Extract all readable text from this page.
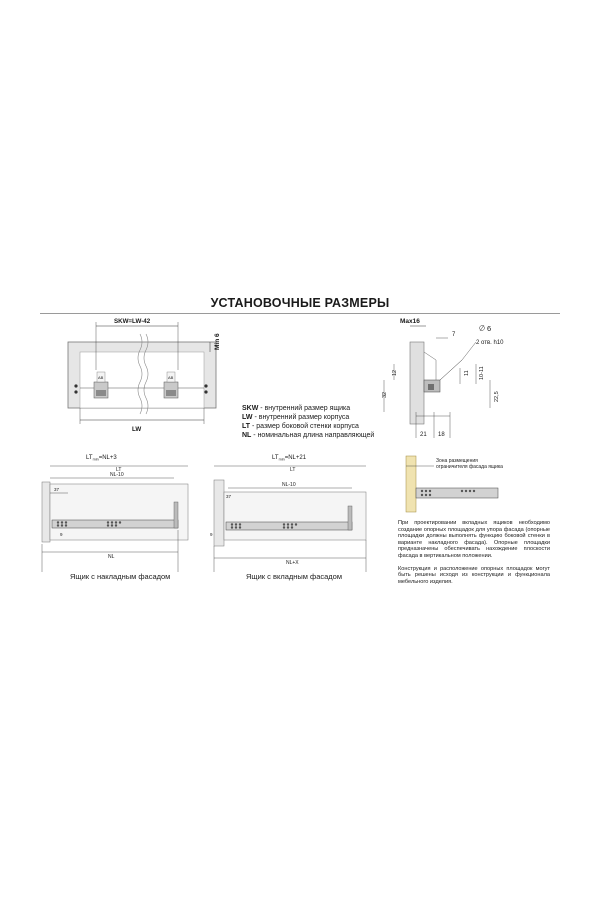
УСТАНОВОЧНЫЕ РАЗМЕРЫ
AB	AB
SKW=LW-42
Min 6
LW
SKW - внутренний размер ящика
LW - внутренний размер корпуса
LT - размер боковой стенки корпуса
NL - номинальная длина направляющей
Max16
7
6
2 отв. h10
12
32
11 10-11
22,5
21 18
$LT_{min}=NL+3$
LT
NL-10
37
9
NL
Ящик с накладным фасадом
$LT_{min}=NL+21$
LT
NL-10
37
9
NL+X
Ящик с вкладным фасадом
Зона размещения
ограничителя фасада ящика

При проектировании вкладных ящиков необходимо создание опорных площадок для упора фасада (опорные площадки должны выполнять функцию боковой стенки в варианте накладного фасада). Опорные площадки предназначены обеспечивать нахождение плоскости фасада в вертикальном положении.

Конструкция и расположение опорных площадок могут быть решены исходя из конструкции и функционала мебельного изделия.
